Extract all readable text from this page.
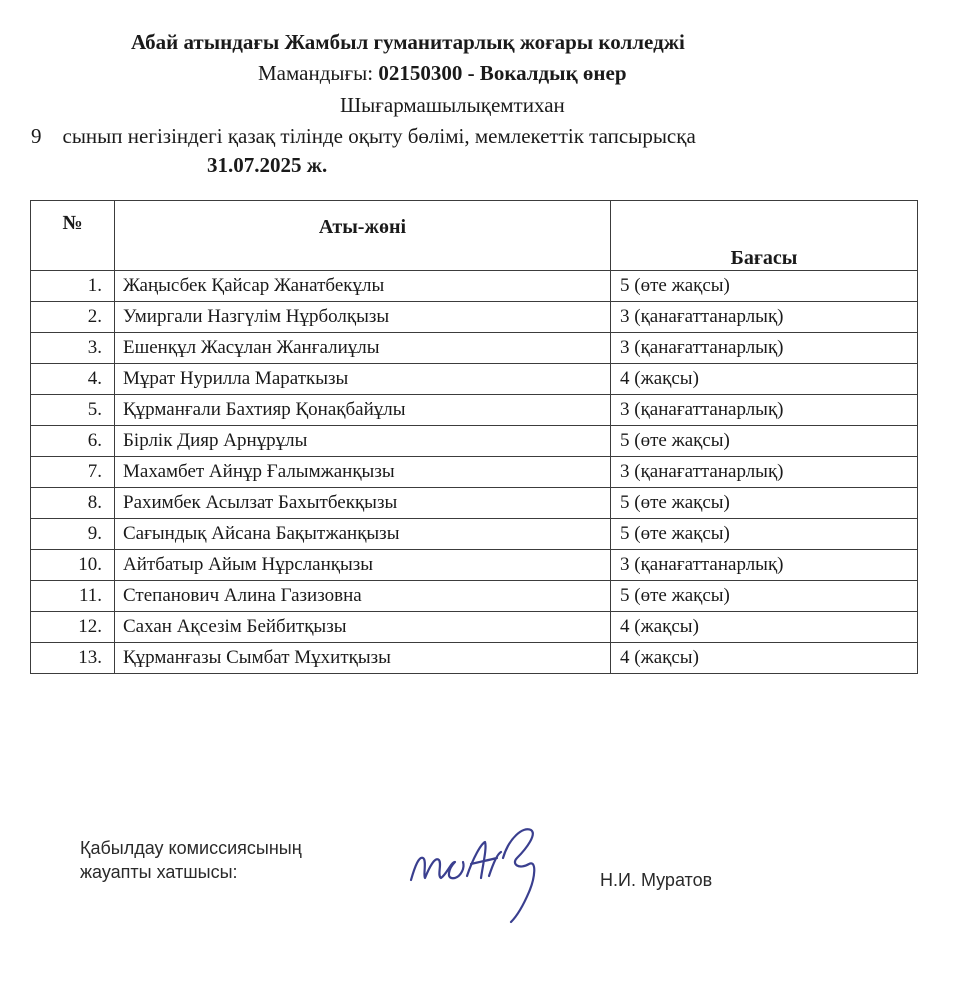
Абай атындағы Жамбыл гуманитарлық жоғары колледжі
Мамандығы: 02150300 - Вокалдық өнер
Шығармашылықемтихан
9 сынып негізіндегі қазақ тілінде оқыту бөлімі, мемлекеттік тапсырысқа
31.07.2025 ж.
№	Аты-жөні	Бағасы
1.	Жаңысбек Қайсар Жанатбекұлы	5 (өте жақсы)
2.	Умиргали Назгүлім Нұрболқызы	3 (қанағаттанарлық)
3.	Ешенқұл Жасұлан Жанғалиұлы	3 (қанағаттанарлық)
4.	Мұрат Нурилла Мараткызы	4 (жақсы)
5.	Құрманғали Бахтияр Қонақбайұлы	3 (қанағаттанарлық)
6.	Бірлік Дияр Арнұрұлы	5 (өте жақсы)
7.	Махамбет Айнұр Ғалымжанқызы	3 (қанағаттанарлық)
8.	Рахимбек Асылзат Бахытбекқызы	5 (өте жақсы)
9.	Сағындық Айсана Бақытжанқызы	5 (өте жақсы)
10.	Айтбатыр Айым Нұрсланқызы	3 (қанағаттанарлық)
11.	Степанович Алина Газизовна	5 (өте жақсы)
12.	Сахан Ақсезім Бейбитқызы	4 (жақсы)
13.	Құрманғазы Сымбат Мұхитқызы	4 (жақсы)
Қабылдау комиссиясының
жауапты хатшысы:	Н.И. Муратов
